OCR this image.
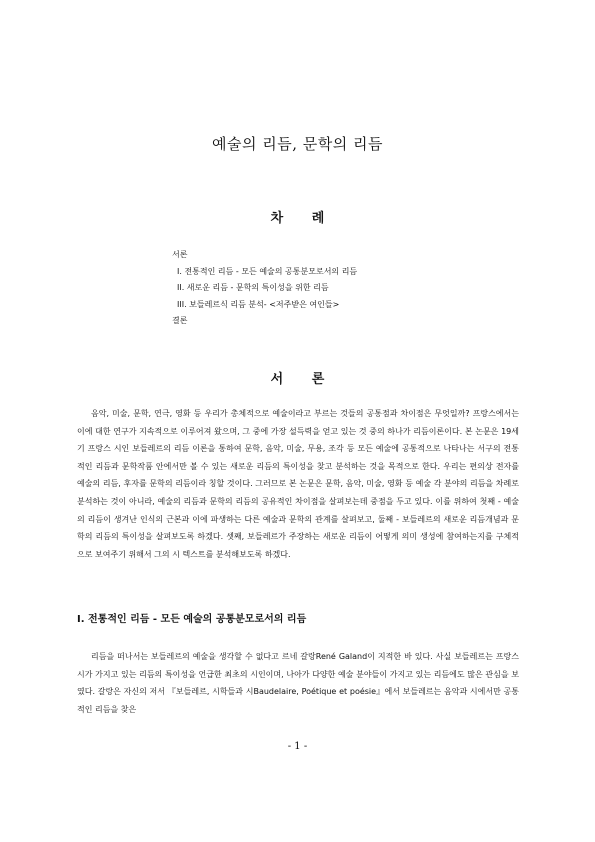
예술의 리듬, 문학의 리듬
차 례
서론
I. 전통적인 리듬 - 모든 예술의 공통분모로서의 리듬
II. 새로운 리듬 - 문학의 특이성을 위한 리듬
III. 보들레르식 리듬 분석- <저주받은 여인들>
결론
서 론
음악, 미술, 문학, 연극, 영화 등 우리가 총체적으로 예술이라고 부르는 것들의 공통점과 차이점은 무엇일까? 프랑스에서는 이에 대한 연구가 지속적으로 이루어져 왔으며, 그 중에 가장 설득력을 얻고 있는 것 중의 하나가 리듬이론이다. 본 논문은 19세기 프랑스 시인 보들레르의 리듬 이론을 통하여 문학, 음악, 미술, 무용, 조각 등 모든 예술에 공통적으로 나타나는 서구의 전통적인 리듬과 문학작품 안에서만 볼 수 있는 새로운 리듬의 특이성을 찾고 분석하는 것을 목적으로 한다. 우리는 편의상 전자를 예술의 리듬, 후자를 문학의 리듬이라 칭할 것이다. 그러므로 본 논문은 문학, 음악, 미술, 영화 등 예술 각 분야의 리듬을 차례로 분석하는 것이 아니라, 예술의 리듬과 문학의 리듬의 공유적인 차이점을 살펴보는데 중점을 두고 있다. 이를 위하여 첫째 - 예술의 리듬이 생겨난 인식의 근본과 이에 파생하는 다른 예술과 문학의 관계를 살펴보고, 둘째 - 보들레르의 새로운 리듬개념과 문학의 리듬의 특이성을 살펴보도록 하겠다. 셋째, 보들레르가 주장하는 새로운 리듬이 어떻게 의미 생성에 참여하는지를 구체적으로 보여주기 위해서 그의 시 텍스트를 분석해보도록 하겠다.
I. 전통적인 리듬 - 모든 예술의 공통분모로서의 리듬
리듬을 떠나서는 보들레르의 예술을 생각할 수 없다고 르네 갈랑René Galand이 지적한 바 있다. 사실 보들레르는 프랑스 시가 가지고 있는 리듬의 특이성을 언급한 최초의 시인이며, 나아가 다양한 예술 분야들이 가지고 있는 리듬에도 많은 관심을 보였다. 갈랑은 자신의 저서 『보들레르, 시학들과 시Baudelaire, Poétique et poésie』에서 보들레르는 음악과 시에서만 공통적인 리듬을 찾은
- 1 -
